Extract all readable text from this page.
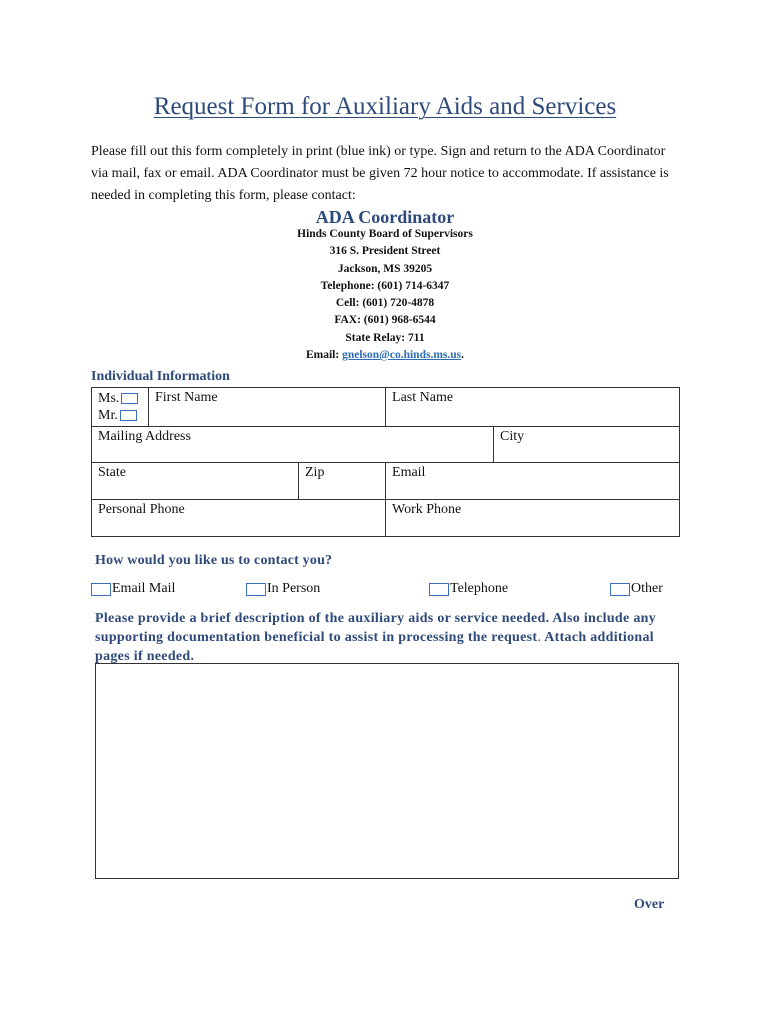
Request Form for Auxiliary Aids and Services

Please fill out this form completely in print (blue ink) or type. Sign and return to the ADA Coordinator via mail, fax or email. ADA Coordinator must be given 72 hour notice to accommodate. If assistance is needed in completing this form, please contact:

ADA Coordinator
Hinds County Board of Supervisors
316 S. President Street
Jackson, MS 39205
Telephone: (601) 714-6347
Cell: (601) 720-4878
FAX: (601) 968-6544
State Relay: 711
Email: gnelson@co.hinds.ms.us.
Individual Information
Ms.
Mr.	First Name		Last Name	

Mailing Address				City

State		Zip	Email	

Personal Phone			Work Phone	
How would you like us to contact you?
Email Mail	In Person	Telephone	Other

Please provide a brief description of the auxiliary aids or service needed. Also include any supporting documentation beneficial to assist in processing the request. Attach additional pages if needed.

Over
